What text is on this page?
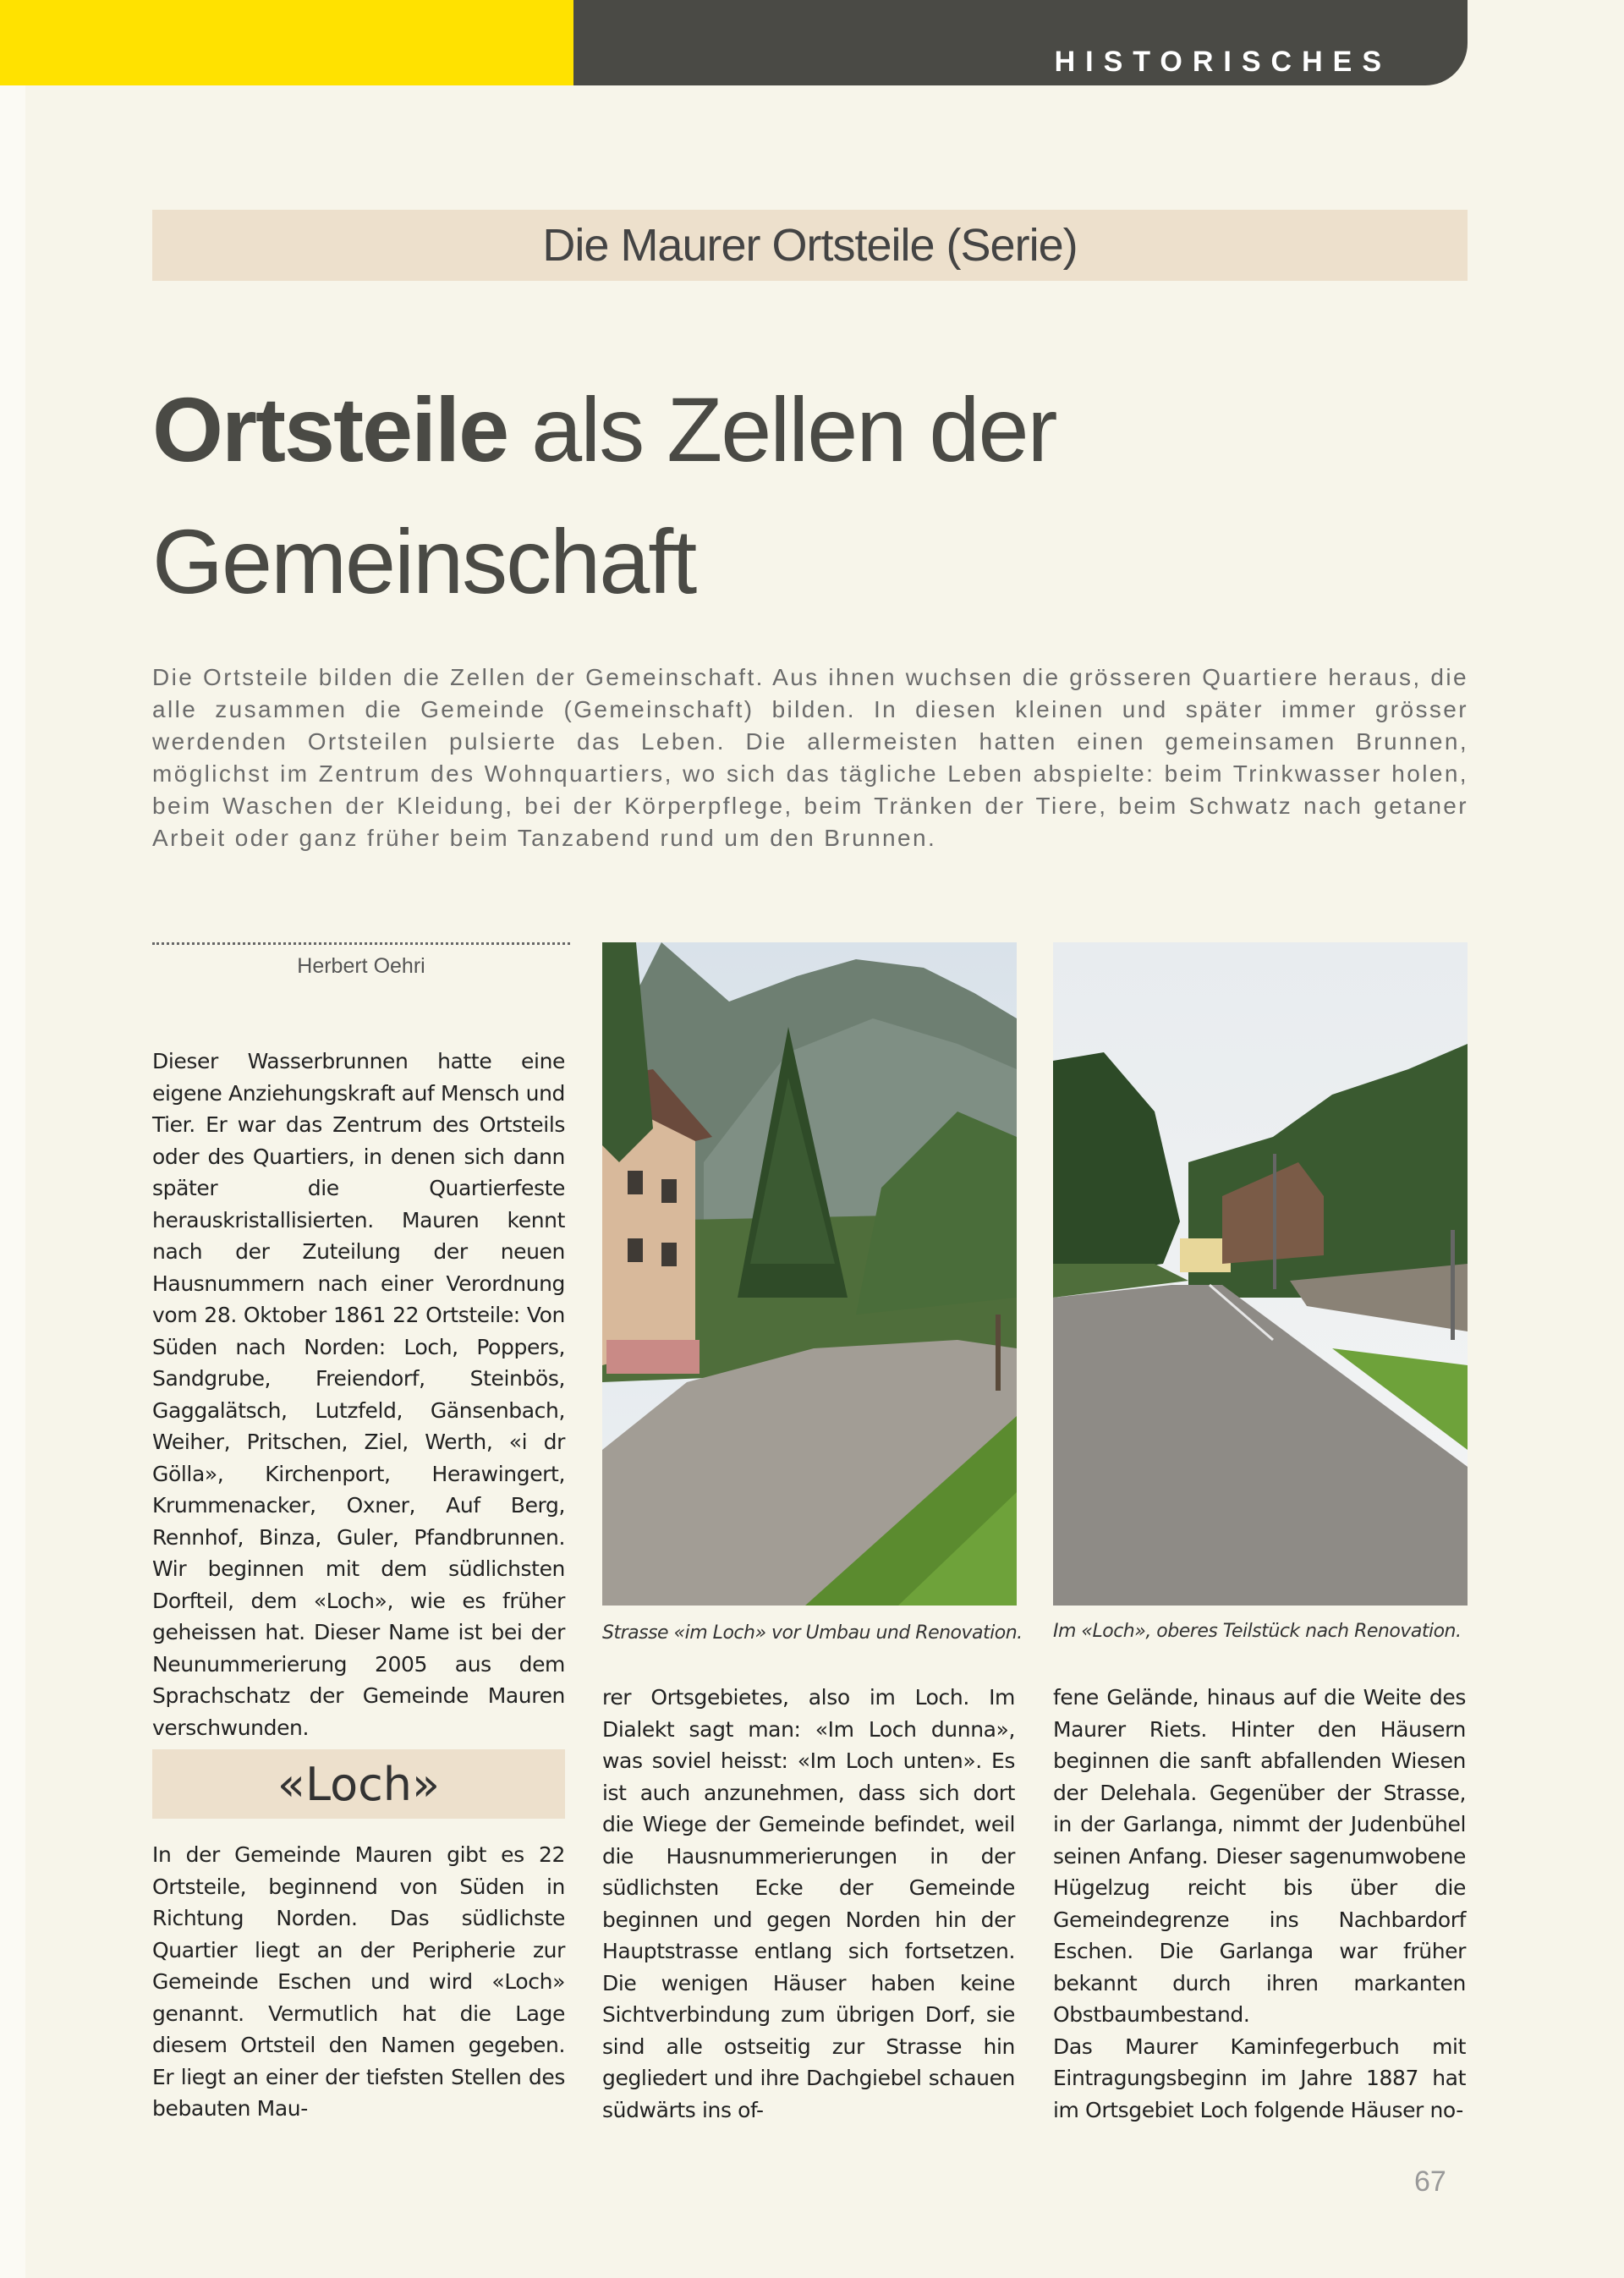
HISTORISCHES
Die Maurer Ortsteile (Serie)
Ortsteile als Zellen der
Gemeinschaft
Die Ortsteile bilden die Zellen der Gemeinschaft. Aus ihnen wuchsen die grösseren Quartiere heraus, die alle zusammen die Gemeinde (Gemeinschaft) bilden. In diesen kleinen und später immer grösser werdenden Ortsteilen pulsierte das Leben. Die allermeisten hatten einen gemeinsamen Brunnen, möglichst im Zentrum des Wohnquartiers, wo sich das tägliche Leben abspielte: beim Trinkwasser holen, beim Waschen der Kleidung, bei der Körperpflege, beim Tränken der Tiere, beim Schwatz nach getaner Arbeit oder ganz früher beim Tanzabend rund um den Brunnen.
Herbert Oehri

Dieser Wasserbrunnen hatte eine eigene Anziehungskraft auf Mensch und Tier. Er war das Zentrum des Ortsteils oder des Quartiers, in denen sich dann später die Quartierfeste herauskristallisierten. Mauren kennt nach der Zuteilung der neuen Hausnummern nach einer Verordnung vom 28. Oktober 1861 22 Ortsteile: Von Süden nach Norden: Loch, Poppers, Sandgrube, Freiendorf, Steinbös, Gaggalätsch, Lutzfeld, Gänsenbach, Weiher, Pritschen, Ziel, Werth, «i dr Gölla», Kirchenport, Herawingert, Krummenacker, Oxner, Auf Berg, Rennhof, Binza, Guler, Pfandbrunnen. Wir beginnen mit dem südlichsten Dorfteil, dem «Loch», wie es früher geheissen hat. Dieser Name ist bei der Neunummerierung 2005 aus dem Sprachschatz der Gemeinde Mauren verschwunden.

«Loch»

In der Gemeinde Mauren gibt es 22 Ortsteile, beginnend von Süden in Richtung Norden. Das südlichste Quartier liegt an der Peripherie zur Gemeinde Eschen und wird «Loch» genannt. Vermutlich hat die Lage diesem Ortsteil den Namen gegeben. Er liegt an einer der tiefsten Stellen des bebauten Mau-

Strasse «im Loch» vor Umbau und Renovation. Im «Loch», oberes Teilstück nach Renovation.

rer Ortsgebietes, also im Loch. Im Dialekt sagt man: «Im Loch dunna», was soviel heisst: «Im Loch unten». Es ist auch anzunehmen, dass sich dort die Wiege der Gemeinde befindet, weil die Hausnummerierungen in der südlichsten Ecke der Gemeinde beginnen und gegen Norden hin der Hauptstrasse entlang sich fortsetzen. Die wenigen Häuser haben keine Sichtverbindung zum übrigen Dorf, sie sind alle ostseitig zur Strasse hin gegliedert und ihre Dachgiebel schauen südwärts ins of-

fene Gelände, hinaus auf die Weite des Maurer Riets. Hinter den Häusern beginnen die sanft abfallenden Wiesen der Delehala. Gegenüber der Strasse, in der Garlanga, nimmt der Judenbühel seinen Anfang. Dieser sagenumwobene Hügelzug reicht bis über die Gemeindegrenze ins Nachbardorf Eschen. Die Garlanga war früher bekannt durch ihren markanten Obstbaumbestand.

Das Maurer Kaminfegerbuch mit Eintragungsbeginn im Jahre 1887 hat im Ortsgebiet Loch folgende Häuser no-

67
